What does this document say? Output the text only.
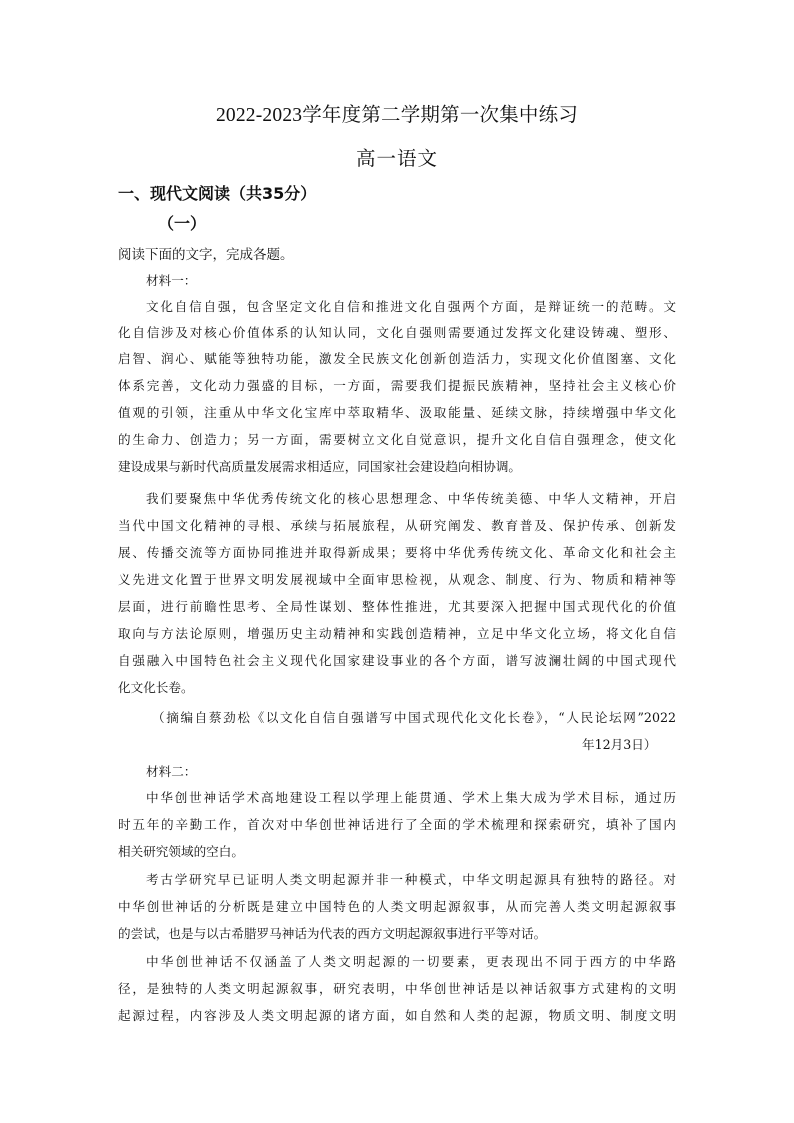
2022-2023学年度第二学期第一次集中练习
高一语文
一、现代文阅读（共35分）
（一）
阅读下面的文字，完成各题。
材料一：
文化自信自强，包含坚定文化自信和推进文化自强两个方面，是辩证统一的范畴。文
化自信涉及对核心价值体系的认知认同，文化自强则需要通过发挥文化建设铸魂、塑形、
启智、润心、赋能等独特功能，激发全民族文化创新创造活力，实现文化价值图塞、文化
体系完善，文化动力强盛的目标，一方面，需要我们提振民族精神，坚持社会主义核心价
值观的引领，注重从中华文化宝库中萃取精华、汲取能量、延续文脉，持续增强中华文化
的生命力、创造力；另一方面，需要树立文化自觉意识，提升文化自信自强理念，使文化
建设成果与新时代高质量发展需求相适应，同国家社会建设趋向相协调。
我们要聚焦中华优秀传统文化的核心思想理念、中华传统美德、中华人文精神，开启
当代中国文化精神的寻根、承续与拓展旅程，从研究阐发、教育普及、保护传承、创新发
展、传播交流等方面协同推进并取得新成果；要将中华优秀传统文化、革命文化和社会主
义先进文化置于世界文明发展视域中全面审思检视，从观念、制度、行为、物质和精神等
层面，进行前瞻性思考、全局性谋划、整体性推进，尤其要深入把握中国式现代化的价值
取向与方法论原则，增强历史主动精神和实践创造精神，立足中华文化立场，将文化自信
自强融入中国特色社会主义现代化国家建设事业的各个方面，谱写波澜壮阔的中国式现代
化文化长卷。
（摘编自蔡劲松《以文化自信自强谱写中国式现代化文化长卷》，“人民论坛网”2022
年12月3日）
材料二：
中华创世神话学术高地建设工程以学理上能贯通、学术上集大成为学术目标，通过历
时五年的辛勤工作，首次对中华创世神话进行了全面的学术梳理和探索研究，填补了国内
相关研究领域的空白。
考古学研究早已证明人类文明起源并非一种模式，中华文明起源具有独特的路径。对
中华创世神话的分析既是建立中国特色的人类文明起源叙事，从而完善人类文明起源叙事
的尝试，也是与以古希腊罗马神话为代表的西方文明起源叙事进行平等对话。
中华创世神话不仅涵盖了人类文明起源的一切要素，更表现出不同于西方的中华路
径，是独特的人类文明起源叙事，研究表明，中华创世神话是以神话叙事方式建构的文明
起源过程，内容涉及人类文明起源的诸方面，如自然和人类的起源，物质文明、制度文明
